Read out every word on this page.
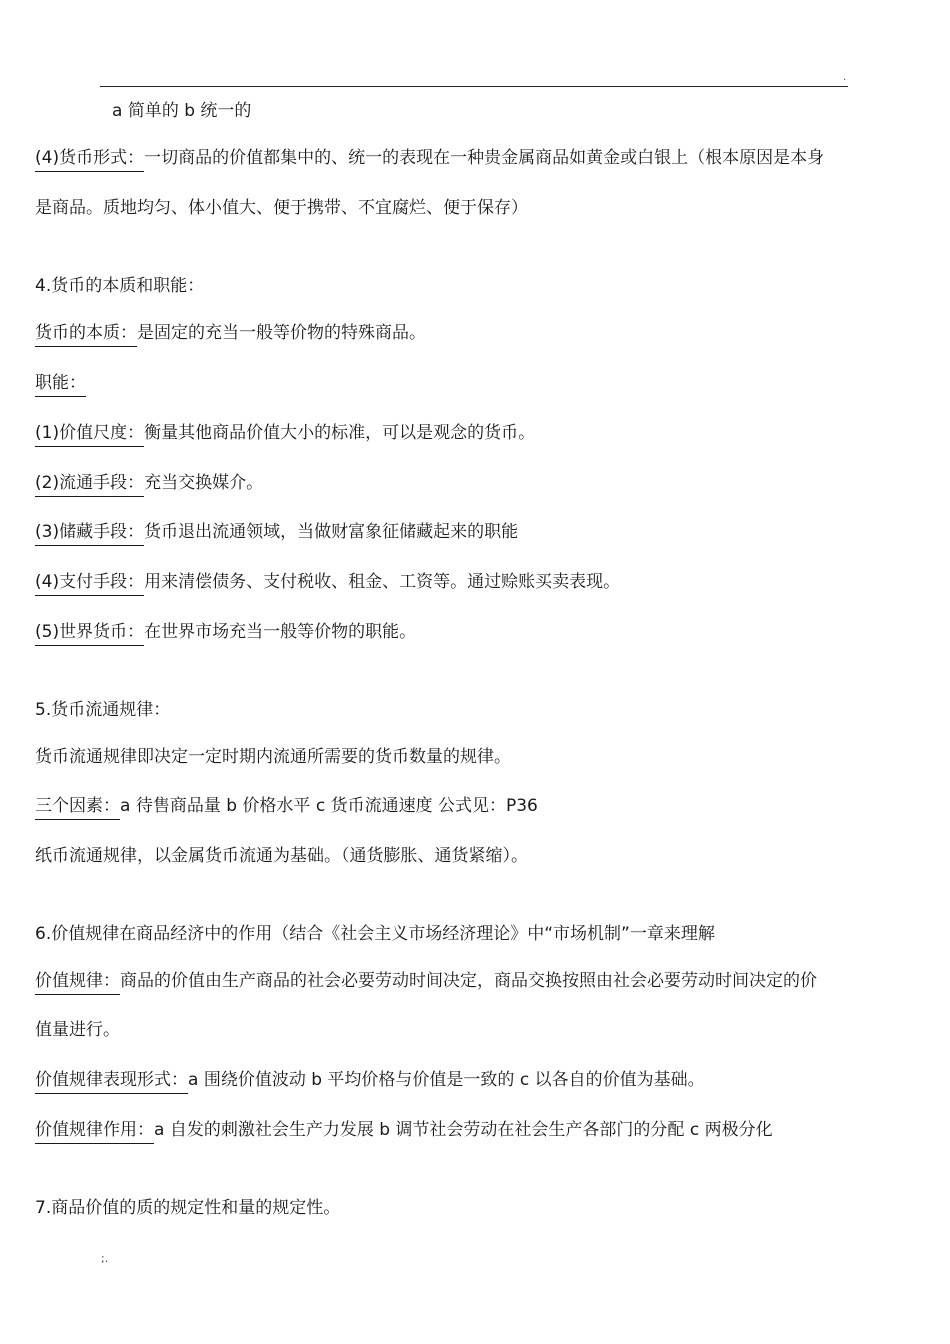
.
a 简单的 b 统一的
(4)货币形式：一切商品的价值都集中的、统一的表现在一种贵金属商品如黄金或白银上（根本原因是本身
是商品。质地均匀、体小值大、便于携带、不宜腐烂、便于保存）
4.货币的本质和职能：
货币的本质：是固定的充当一般等价物的特殊商品。
职能：
(1)价值尺度：衡量其他商品价值大小的标准，可以是观念的货币。
(2)流通手段：充当交换媒介。
(3)储藏手段：货币退出流通领域，当做财富象征储藏起来的职能
(4)支付手段：用来清偿债务、支付税收、租金、工资等。通过赊账买卖表现。
(5)世界货币：在世界市场充当一般等价物的职能。
5.货币流通规律：
货币流通规律即决定一定时期内流通所需要的货币数量的规律。
三个因素：a 待售商品量 b 价格水平 c 货币流通速度 公式见：P36
纸币流通规律，以金属货币流通为基础。（通货膨胀、通货紧缩）。
6.价值规律在商品经济中的作用（结合《社会主义市场经济理论》中“市场机制”一章来理解
价值规律：商品的价值由生产商品的社会必要劳动时间决定，商品交换按照由社会必要劳动时间决定的价
值量进行。
价值规律表现形式：a 围绕价值波动 b 平均价格与价值是一致的 c 以各自的价值为基础。
价值规律作用：a 自发的刺激社会生产力发展 b 调节社会劳动在社会生产各部门的分配 c 两极分化
7.商品价值的质的规定性和量的规定性。
;.
